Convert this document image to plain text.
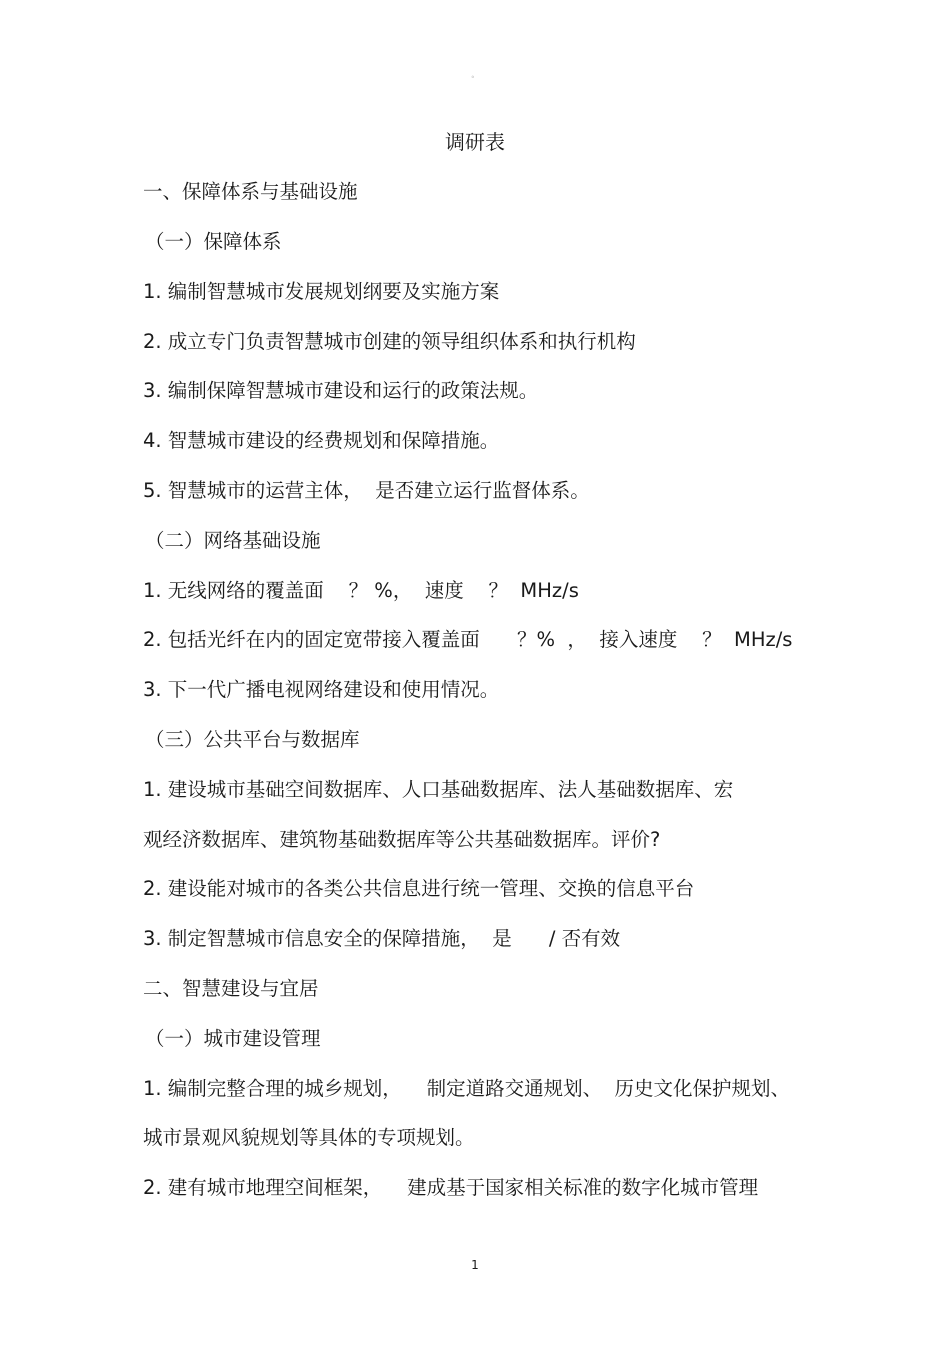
。
调研表
一、保障体系与基础设施
（一）保障体系
1. 编制智慧城市发展规划纲要及实施方案
2. 成立专门负责智慧城市创建的领导组织体系和执行机构
3. 编制保障智慧城市建设和运行的政策法规。
4. 智慧城市建设的经费规划和保障措施。
5. 智慧城市的运营主体，  是否建立运行监督体系。
（二）网络基础设施
1. 无线网络的覆盖面    ？ %，  速度    ？  MHz/s
2. 包括光纤在内的固定宽带接入覆盖面      ？%  ，  接入速度    ？  MHz/s
3. 下一代广播电视网络建设和使用情况。
（三）公共平台与数据库
1. 建设城市基础空间数据库、人口基础数据库、法人基础数据库、宏
观经济数据库、建筑物基础数据库等公共基础数据库。评价?
2. 建设能对城市的各类公共信息进行统一管理、交换的信息平台
3. 制定智慧城市信息安全的保障措施，  是      / 否有效
二、智慧建设与宜居
（一）城市建设管理
1. 编制完整合理的城乡规划，    制定道路交通规划、  历史文化保护规划、
城市景观风貌规划等具体的专项规划。
2. 建有城市地理空间框架，    建成基于国家相关标准的数字化城市管理
1
